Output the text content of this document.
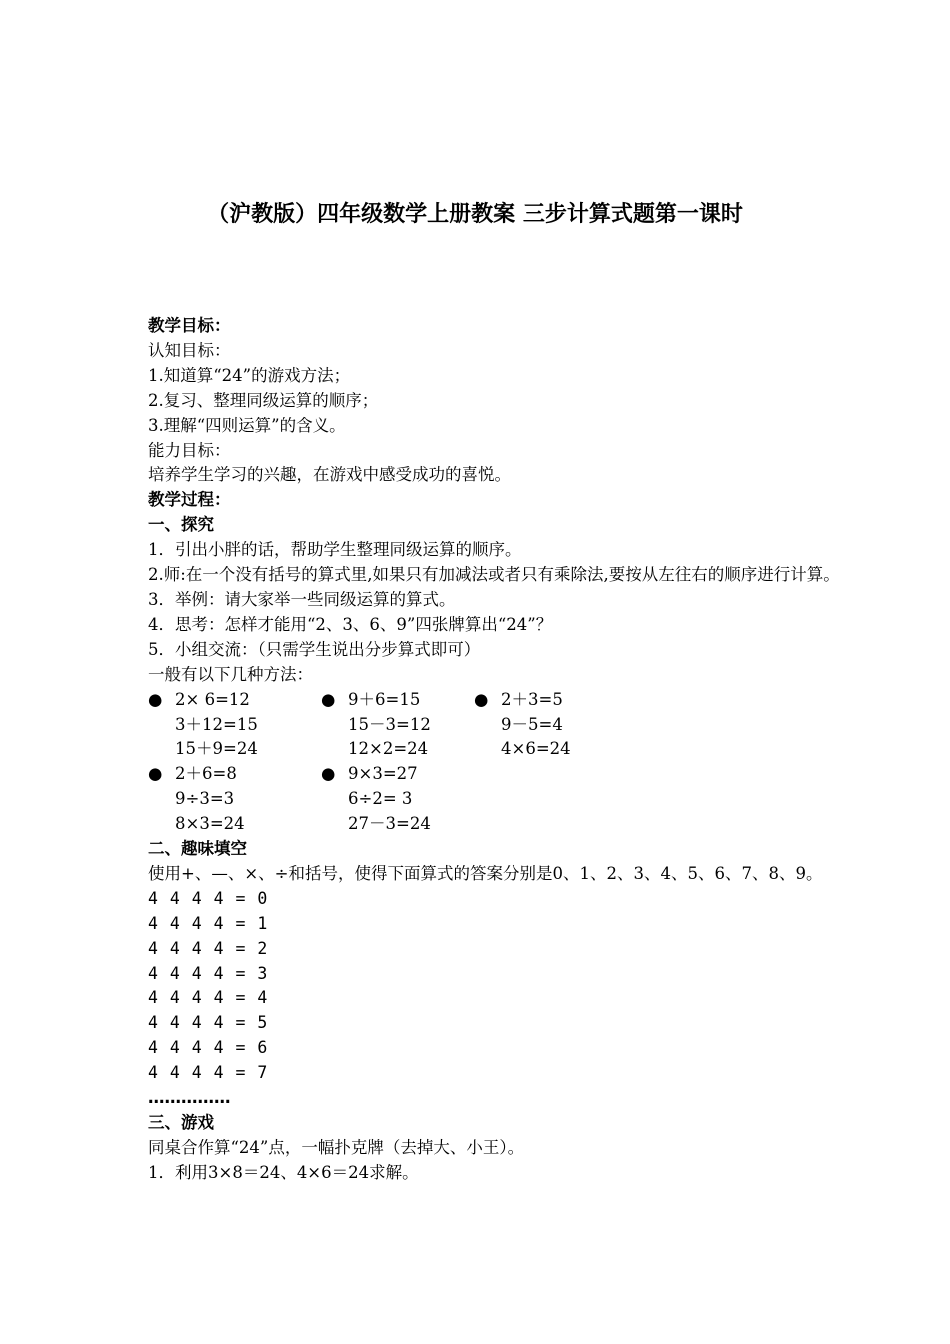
（沪教版）四年级数学上册教案 三步计算式题第一课时
教学目标：
认知目标：
1.知道算“24”的游戏方法；
2.复习、整理同级运算的顺序；
3.理解“四则运算”的含义。
能力目标：
培养学生学习的兴趣，在游戏中感受成功的喜悦。
教学过程：
一、探究
1．引出小胖的话，帮助学生整理同级运算的顺序。
2.师:在一个没有括号的算式里,如果只有加减法或者只有乘除法,要按从左往右的顺序进行计算。
3．举例：请大家举一些同级运算的算式。
4．思考：怎样才能用“2、3、6、9”四张牌算出“24”？
5．小组交流：（只需学生说出分步算式即可）
一般有以下几种方法：
● 2× 6=12
3＋12=15
15＋9=24
● 9＋6=15
15－3=12
12×2=24
● 2＋3=5
9－5=4
4×6=24
● 2＋6=8
9÷3=3
8×3=24
● 9×3=27
6÷2= 3
27－3=24
二、趣味填空
使用+、—、×、÷和括号，使得下面算式的答案分别是0、1、2、3、4、5、6、7、8、9。
4 4 4 4 = 0
4 4 4 4 = 1
4 4 4 4 = 2
4 4 4 4 = 3
4 4 4 4 = 4
4 4 4 4 = 5
4 4 4 4 = 6
4 4 4 4 = 7
……………
三、游戏
同桌合作算“24”点，一幅扑克牌（去掉大、小王）。
1．利用3×8＝24、4×6＝24求解。
